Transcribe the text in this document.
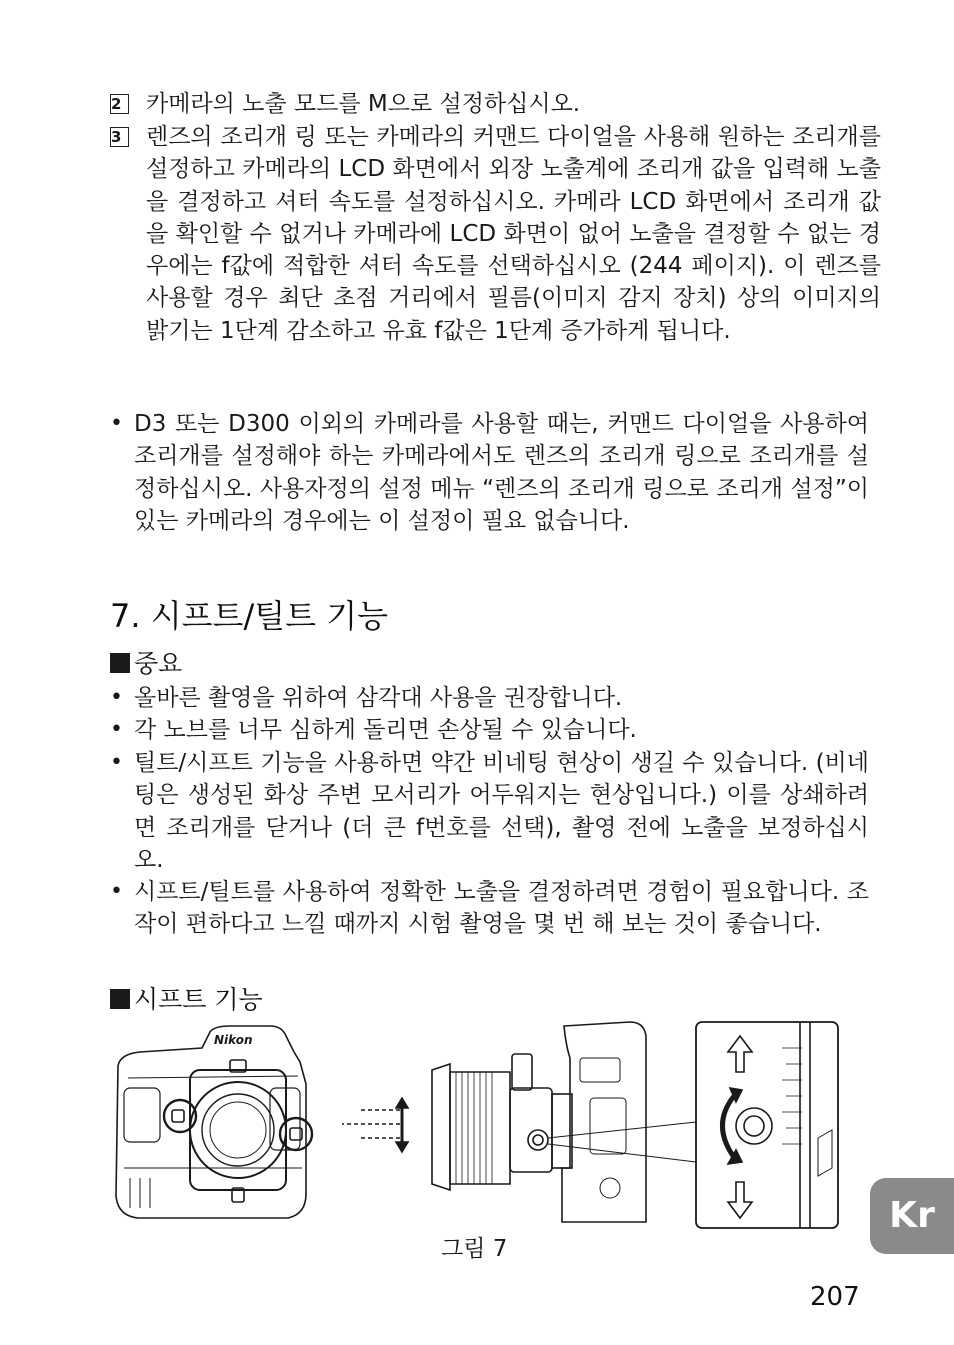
2	카메라의 노출 모드를 M으로 설정하십시오.
3	렌즈의 조리개 링 또는 카메라의 커맨드 다이얼을 사용해 원하는 조리개를 설정하고 카메라의 LCD 화면에서 외장 노출계에 조리개 값을 입력해 노출을 결정하고 셔터 속도를 설정하십시오. 카메라 LCD 화면에서 조리개 값을 확인할 수 없거나 카메라에 LCD 화면이 없어 노출을 결정할 수 없는 경우에는 f값에 적합한 셔터 속도를 선택하십시오 (244 페이지). 이 렌즈를 사용할 경우 최단 초점 거리에서 필름(이미지 감지 장치) 상의 이미지의 밝기는 1단계 감소하고 유효 f값은 1단계 증가하게 됩니다.
• D3 또는 D300 이외의 카메라를 사용할 때는, 커맨드 다이얼을 사용하여 조리개를 설정해야 하는 카메라에서도 렌즈의 조리개 링으로 조리개를 설정하십시오. 사용자정의 설정 메뉴 “렌즈의 조리개 링으로 조리개 설정”이 있는 카메라의 경우에는 이 설정이 필요 없습니다.
7. 시프트/틸트 기능
중요
• 올바른 촬영을 위하여 삼각대 사용을 권장합니다.
• 각 노브를 너무 심하게 돌리면 손상될 수 있습니다.
• 틸트/시프트 기능을 사용하면 약간 비네팅 현상이 생길 수 있습니다. (비네팅은 생성된 화상 주변 모서리가 어두워지는 현상입니다.) 이를 상쇄하려면 조리개를 닫거나 (더 큰 f번호를 선택), 촬영 전에 노출을 보정하십시오.
• 시프트/틸트를 사용하여 정확한 노출을 결정하려면 경험이 필요합니다. 조작이 편하다고 느낄 때까지 시험 촬영을 몇 번 해 보는 것이 좋습니다.
시프트 기능
Nikon
그림 7
Kr
207
